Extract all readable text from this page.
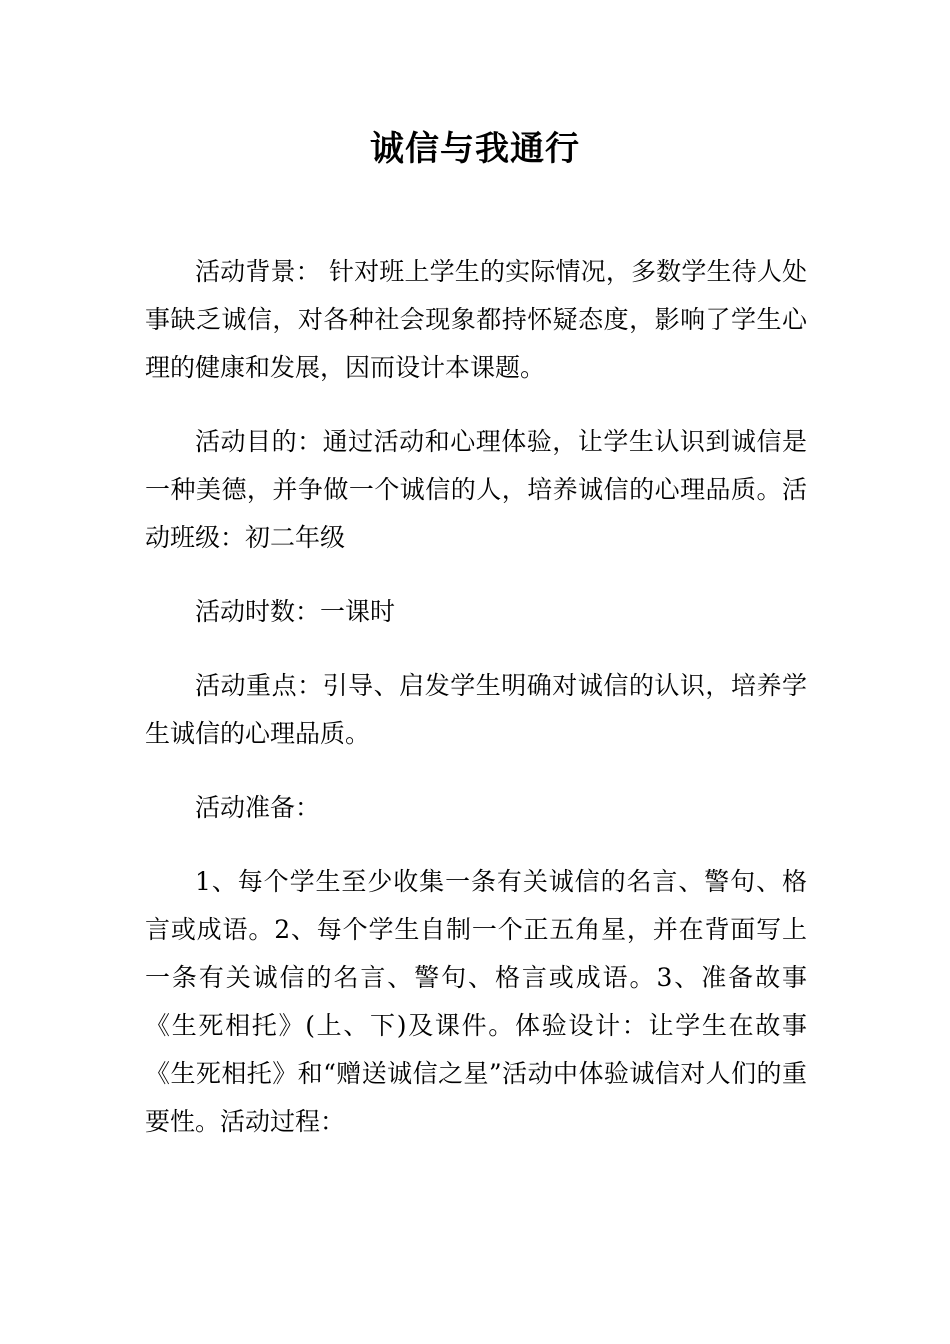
诚信与我通行

活动背景： 针对班上学生的实际情况，多数学生待人处事缺乏诚信，对各种社会现象都持怀疑态度，影响了学生心理的健康和发展，因而设计本课题。

活动目的：通过活动和心理体验，让学生认识到诚信是一种美德，并争做一个诚信的人，培养诚信的心理品质。活动班级：初二年级

活动时数：一课时

活动重点：引导、启发学生明确对诚信的认识，培养学生诚信的心理品质。

活动准备：

1、每个学生至少收集一条有关诚信的名言、警句、格言或成语。2、每个学生自制一个正五角星，并在背面写上一条有关诚信的名言、警句、格言或成语。3、准备故事《生死相托》(上、下)及课件。体验设计：让学生在故事《生死相托》和“赠送诚信之星”活动中体验诚信对人们的重要性。活动过程：
